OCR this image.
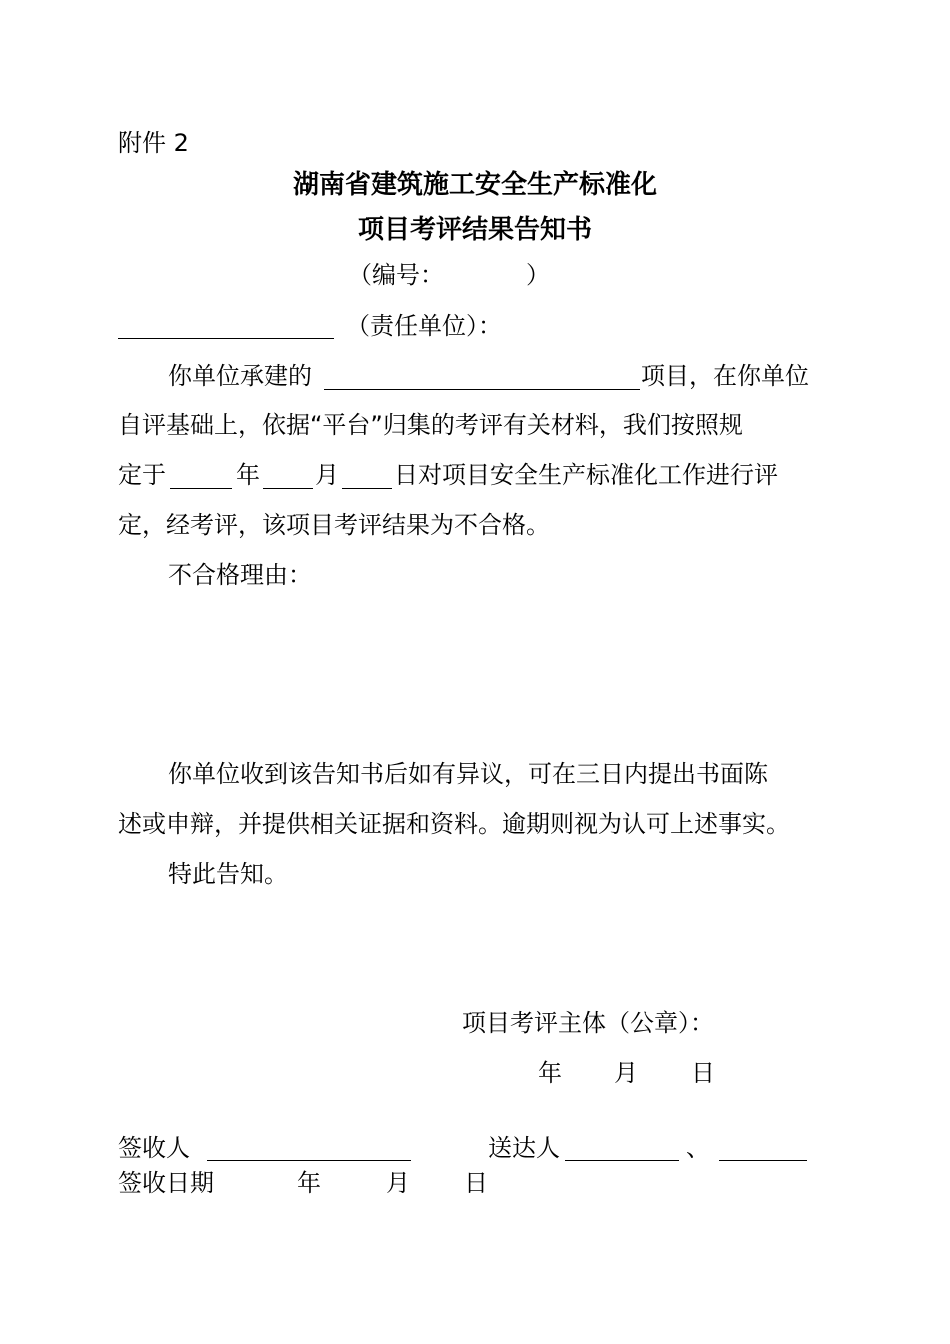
附件 2
湖南省建筑施工安全生产标准化
项目考评结果告知书
（编号：	）
（责任单位）：
你单位承建的	项目，在你单位
自评基础上，依据“平台”归集的考评有关材料，我们按照规
定于	年 月 日对项目安全生产标准化工作进行评
定，经考评，该项目考评结果为不合格。
不合格理由：
你单位收到该告知书后如有异议，可在三日内提出书面陈
述或申辩，并提供相关证据和资料。逾期则视为认可上述事实。
特此告知。
项目考评主体（公章）：
年 月 日
签收人	送达人	、
签收日期	年	月 日
